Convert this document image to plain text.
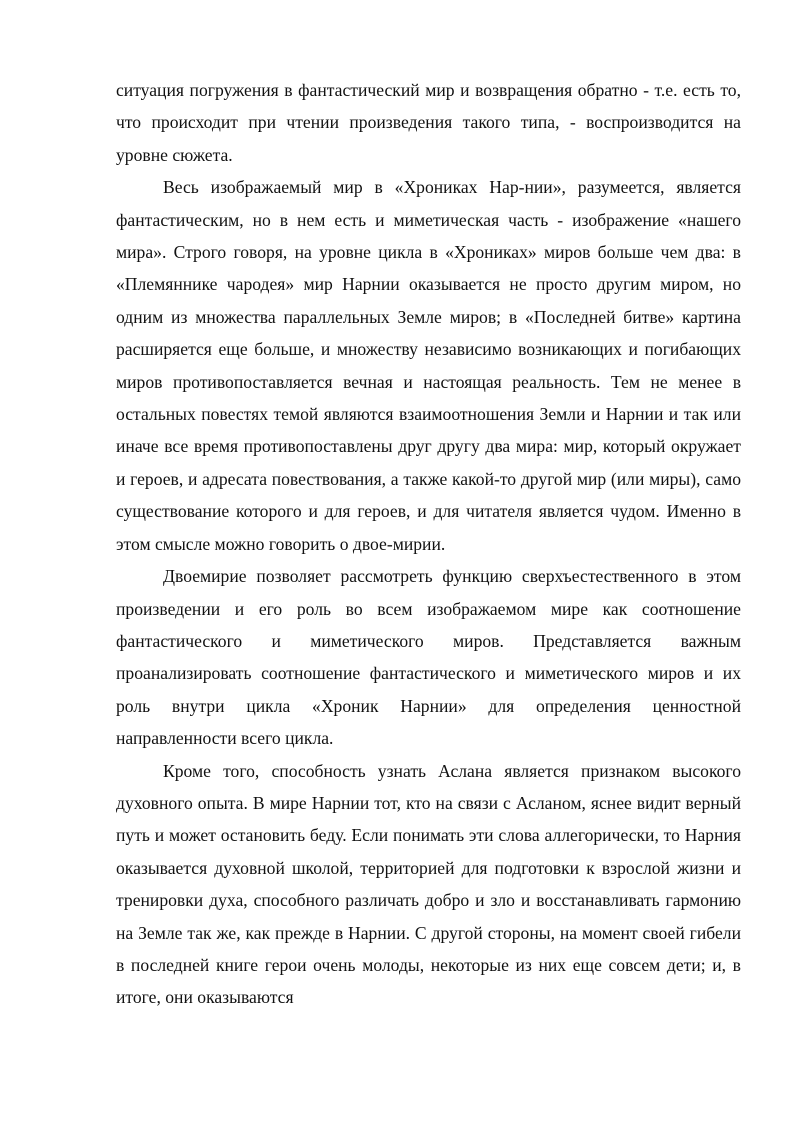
ситуация погружения в фантастический мир и возвращения обратно - т.е. есть то, что происходит при чтении произведения такого типа, - воспроизводится на уровне сюжета.

Весь изображаемый мир в «Хрониках Нар-нии», разумеется, является фантастическим, но в нем есть и миметическая часть - изображение «нашего мира». Строго говоря, на уровне цикла в «Хрониках» миров больше чем два: в «Племяннике чародея» мир Нарнии оказывается не просто другим миром, но одним из множества параллельных Земле миров; в «Последней битве» картина расширяется еще больше, и множеству независимо возникающих и погибающих миров противопоставляется вечная и настоящая реальность. Тем не менее в остальных повестях темой являются взаимоотношения Земли и Нарнии и так или иначе все время противопоставлены друг другу два мира: мир, который окружает и героев, и адресата повествования, а также какой-то другой мир (или миры), само существование которого и для героев, и для читателя является чудом. Именно в этом смысле можно говорить о двое-мирии.

Двоемирие позволяет рассмотреть функцию сверхъестественного в этом произведении и его роль во всем изображаемом мире как соотношение фантастического и миметического миров. Представляется важным проанализировать соотношение фантастического и миметического миров и их роль внутри цикла «Хроник Нарнии» для определения ценностной направленности всего цикла.

Кроме того, способность узнать Аслана является признаком высокого духовного опыта. В мире Нарнии тот, кто на связи с Асланом, яснее видит верный путь и может остановить беду. Если понимать эти слова аллегорически, то Нарния оказывается духовной школой, территорией для подготовки к взрослой жизни и тренировки духа, способного различать добро и зло и восстанавливать гармонию на Земле так же, как прежде в Нарнии. С другой стороны, на момент своей гибели в последней книге герои очень молоды, некоторые из них еще совсем дети; и, в итоге, они оказываются
